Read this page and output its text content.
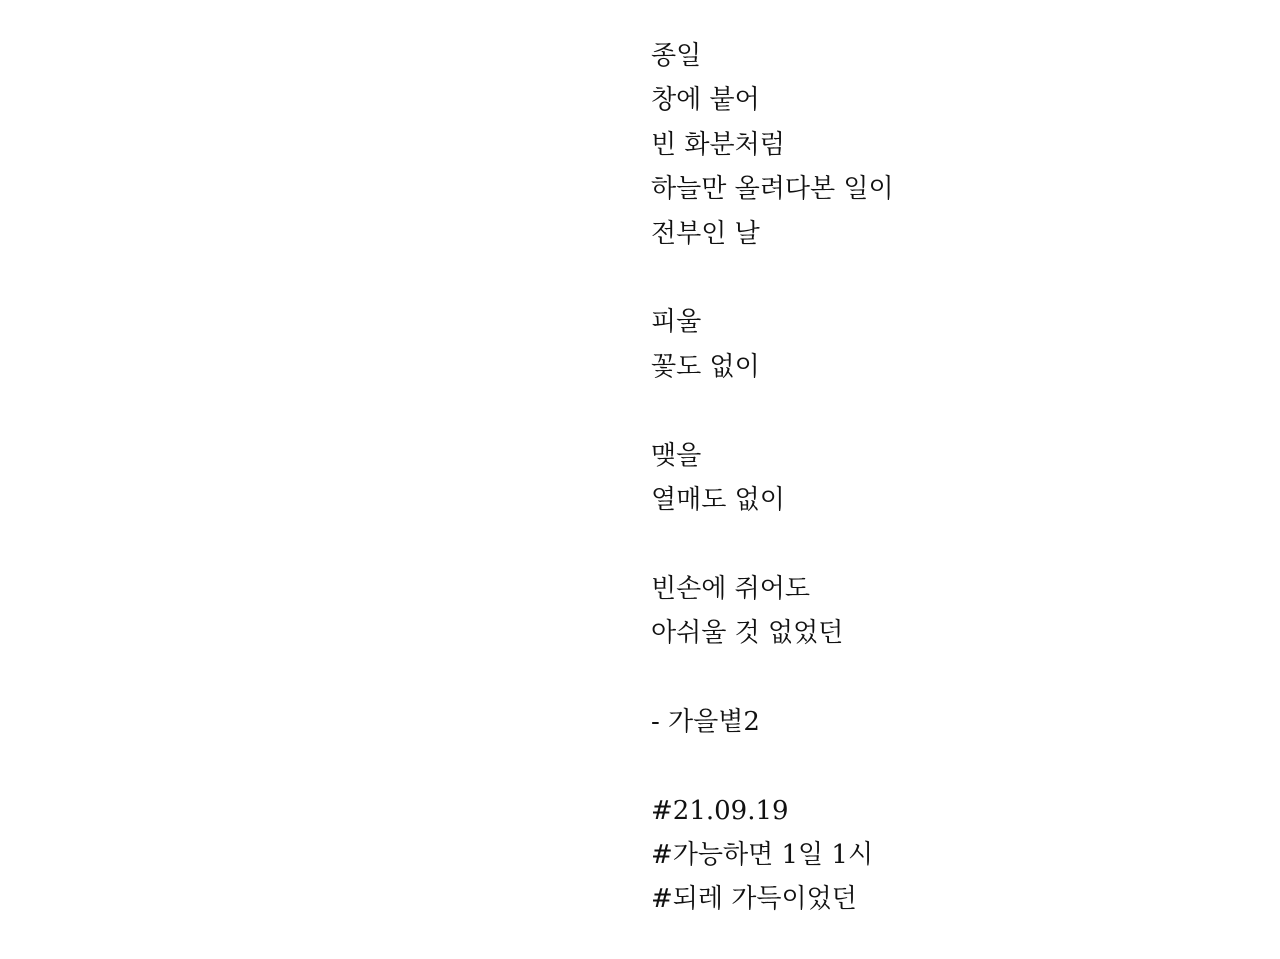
종일
창에 붙어
빈 화분처럼
하늘만 올려다본 일이
전부인 날
피울
꽃도 없이
맺을
열매도 없이
빈손에 쥐어도
아쉬울 것 없었던
- 가을볕2
#21.09.19
#가능하면 1일 1시
#되레 가득이었던
